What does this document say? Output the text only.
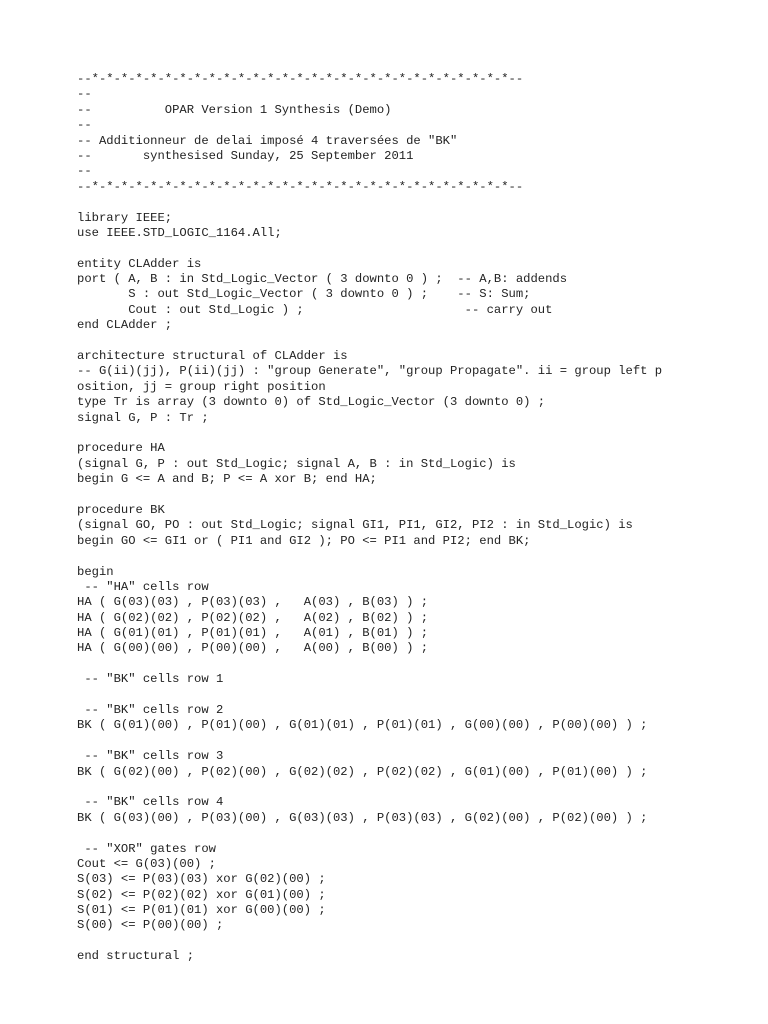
--*-*-*-*-*-*-*-*-*-*-*-*-*-*-*-*-*-*-*-*-*-*-*-*-*-*-*-*-*--
--
--          OPAR Version 1 Synthesis (Demo)
--
-- Additionneur de delai imposé 4 traversées de "BK"
--       synthesised Sunday, 25 September 2011
--
--*-*-*-*-*-*-*-*-*-*-*-*-*-*-*-*-*-*-*-*-*-*-*-*-*-*-*-*-*--
library IEEE;
use IEEE.STD_LOGIC_1164.All;
entity CLAdder is
port ( A, B : in Std_Logic_Vector ( 3 downto 0 ) ;  -- A,B: addends
S : out Std_Logic_Vector ( 3 downto 0 ) ;    -- S: Sum;
Cout : out Std_Logic ) ;                      -- carry out
end CLAdder ;
architecture structural of CLAdder is
-- G(ii)(jj), P(ii)(jj) : "group Generate", "group Propagate". ii = group left p
osition, jj = group right position
type Tr is array (3 downto 0) of Std_Logic_Vector (3 downto 0) ;
signal G, P : Tr ;
procedure HA
(signal G, P : out Std_Logic; signal A, B : in Std_Logic) is
begin G <= A and B; P <= A xor B; end HA;
procedure BK
(signal GO, PO : out Std_Logic; signal GI1, PI1, GI2, PI2 : in Std_Logic) is
begin GO <= GI1 or ( PI1 and GI2 ); PO <= PI1 and PI2; end BK;
begin
-- "HA" cells row
HA ( G(03)(03) , P(03)(03) ,   A(03) , B(03) ) ;
HA ( G(02)(02) , P(02)(02) ,   A(02) , B(02) ) ;
HA ( G(01)(01) , P(01)(01) ,   A(01) , B(01) ) ;
HA ( G(00)(00) , P(00)(00) ,   A(00) , B(00) ) ;
-- "BK" cells row 1
-- "BK" cells row 2
BK ( G(01)(00) , P(01)(00) , G(01)(01) , P(01)(01) , G(00)(00) , P(00)(00) ) ;
-- "BK" cells row 3
BK ( G(02)(00) , P(02)(00) , G(02)(02) , P(02)(02) , G(01)(00) , P(01)(00) ) ;
-- "BK" cells row 4
BK ( G(03)(00) , P(03)(00) , G(03)(03) , P(03)(03) , G(02)(00) , P(02)(00) ) ;
-- "XOR" gates row
Cout <= G(03)(00) ;
S(03) <= P(03)(03) xor G(02)(00) ;
S(02) <= P(02)(02) xor G(01)(00) ;
S(01) <= P(01)(01) xor G(00)(00) ;
S(00) <= P(00)(00) ;
end structural ;
